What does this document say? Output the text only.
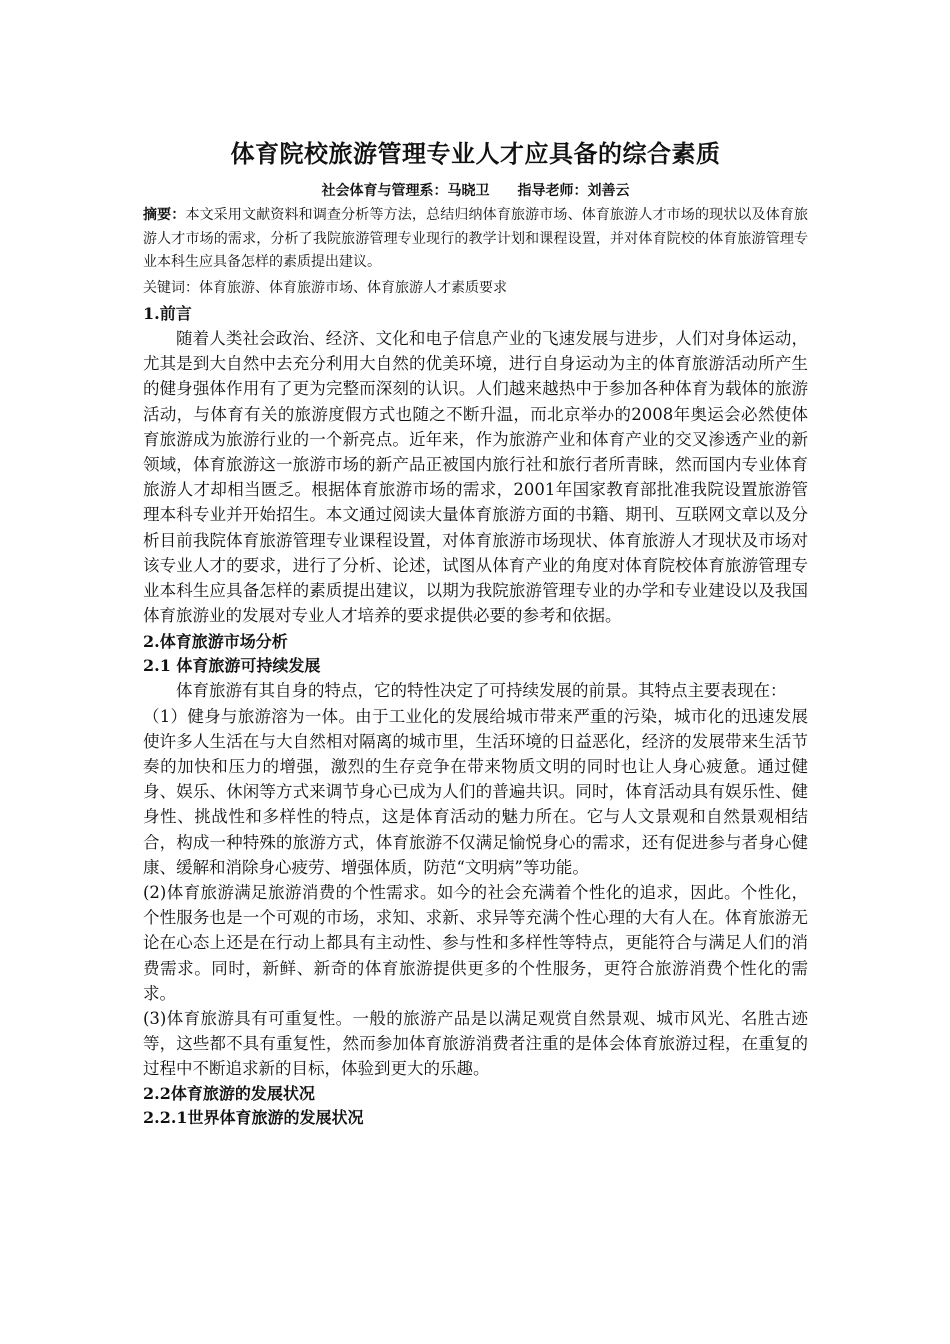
体育院校旅游管理专业人才应具备的综合素质
社会体育与管理系：马晓卫 指导老师：刘善云

摘要：本文采用文献资料和调查分析等方法，总结归纳体育旅游市场、体育旅游人才市场的现状以及体育旅游人才市场的需求，分析了我院旅游管理专业现行的教学计划和课程设置，并对体育院校的体育旅游管理专业本科生应具备怎样的素质提出建议。

关键词：体育旅游、体育旅游市场、体育旅游人才素质要求

1.前言

随着人类社会政治、经济、文化和电子信息产业的飞速发展与进步，人们对身体运动，尤其是到大自然中去充分利用大自然的优美环境，进行自身运动为主的体育旅游活动所产生的健身强体作用有了更为完整而深刻的认识。人们越来越热中于参加各种体育为载体的旅游活动，与体育有关的旅游度假方式也随之不断升温，而北京举办的2008年奥运会必然使体育旅游成为旅游行业的一个新亮点。近年来，作为旅游产业和体育产业的交叉渗透产业的新领域，体育旅游这一旅游市场的新产品正被国内旅行社和旅行者所青睐，然而国内专业体育旅游人才却相当匮乏。根据体育旅游市场的需求，2001年国家教育部批准我院设置旅游管理本科专业并开始招生。本文通过阅读大量体育旅游方面的书籍、期刊、互联网文章以及分析目前我院体育旅游管理专业课程设置，对体育旅游市场现状、体育旅游人才现状及市场对该专业人才的要求，进行了分析、论述，试图从体育产业的角度对体育院校体育旅游管理专业本科生应具备怎样的素质提出建议，以期为我院旅游管理专业的办学和专业建设以及我国体育旅游业的发展对专业人才培养的要求提供必要的参考和依据。

2.体育旅游市场分析
2.1 体育旅游可持续发展

体育旅游有其自身的特点，它的特性决定了可持续发展的前景。其特点主要表现在：

（1）健身与旅游溶为一体。由于工业化的发展给城市带来严重的污染，城市化的迅速发展使许多人生活在与大自然相对隔离的城市里，生活环境的日益恶化，经济的发展带来生活节奏的加快和压力的增强，激烈的生存竞争在带来物质文明的同时也让人身心疲惫。通过健身、娱乐、休闲等方式来调节身心已成为人们的普遍共识。同时，体育活动具有娱乐性、健身性、挑战性和多样性的特点，这是体育活动的魅力所在。它与人文景观和自然景观相结合，构成一种特殊的旅游方式，体育旅游不仅满足愉悦身心的需求，还有促进参与者身心健康、缓解和消除身心疲劳、增强体质，防范“文明病”等功能。

(2)体育旅游满足旅游消费的个性需求。如今的社会充满着个性化的追求，因此。个性化，个性服务也是一个可观的市场，求知、求新、求异等充满个性心理的大有人在。体育旅游无论在心态上还是在行动上都具有主动性、参与性和多样性等特点，更能符合与满足人们的消费需求。同时，新鲜、新奇的体育旅游提供更多的个性服务，更符合旅游消费个性化的需求。

(3)体育旅游具有可重复性。一般的旅游产品是以满足观赏自然景观、城市风光、名胜古迹等，这些都不具有重复性，然而参加体育旅游消费者注重的是体会体育旅游过程，在重复的过程中不断追求新的目标，体验到更大的乐趣。

2.2体育旅游的发展状况
2.2.1世界体育旅游的发展状况
